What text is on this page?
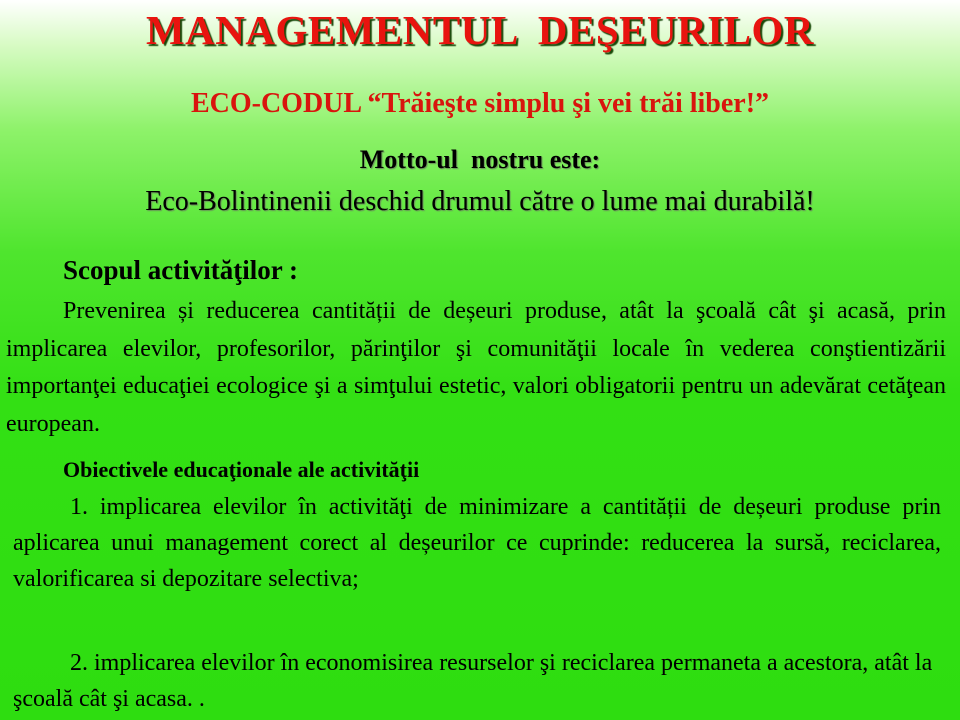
MANAGEMENTUL  DEŞEURILOR
ECO-CODUL “Trăieşte simplu şi vei trăi liber!”
Motto-ul  nostru este:
Eco-Bolintinenii deschid drumul către o lume mai durabilă!
Scopul activităţilor :

Prevenirea și reducerea cantității de deșeuri produse, atât la şcoală cât şi acasă, prin implicarea elevilor, profesorilor, părinţilor şi comunităţii locale în vederea conştientizării importanţei educaţiei ecologice şi a simţului estetic, valori obligatorii pentru un adevărat cetăţean european.

Obiectivele educaţionale ale activităţii

1. implicarea elevilor în activităţi de minimizare a cantității de deșeuri produse prin aplicarea unui management corect al deșeurilor ce cuprinde: reducerea la sursă, reciclarea, valorificarea si depozitare selectiva;

2. implicarea elevilor în economisirea resurselor şi reciclarea permaneta a acestora, atât la şcoală cât şi acasa. .
